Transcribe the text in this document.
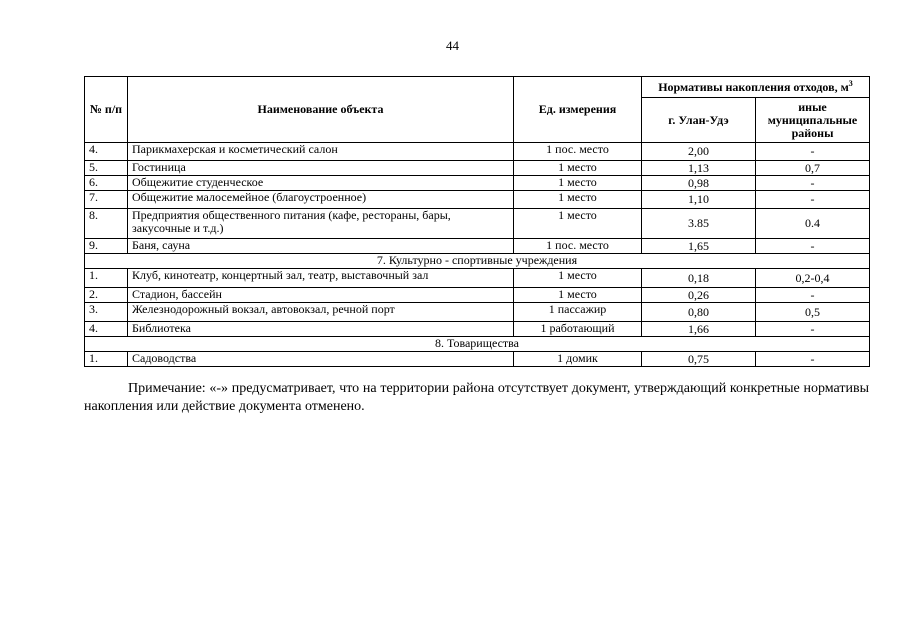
44
№ п/п	Наименование объекта	Ед. измерения	Нормативы накопления отходов, $м^3$
			г. Улан-Удэ	иные муниципальные районы
4.	Парикмахерская и косметический салон	1 пос. место	2,00	-
5.	Гостиница	1 место	1,13	0,7
6.	Общежитие студенческое	1 место	0,98	-
7.	Общежитие малосемейное (благоустроенное)	1 место	1,10	-
8.	Предприятия общественного питания (кафе, рестораны, бары, закусочные и т.д.)	1 место	3.85	0.4
9.	Баня, сауна	1 пос. место	1,65	-
7. Культурно - спортивные учреждения				
1.	Клуб, кинотеатр, концертный зал, театр, выставочный зал	1 место	0,18	0,2-0,4
2.	Стадион, бассейн	1 место	0,26	-
3.	Железнодорожный вокзал, автовокзал, речной порт	1 пассажир	0,80	0,5
4.	Библиотека	1 работающий	1,66	-
8. Товарищества				
1.	Садоводства	1 домик	0,75	-
Примечание: «-» предусматривает, что на территории района отсутствует документ, утверждающий конкретные нормативы накопления или действие документа отменено.
